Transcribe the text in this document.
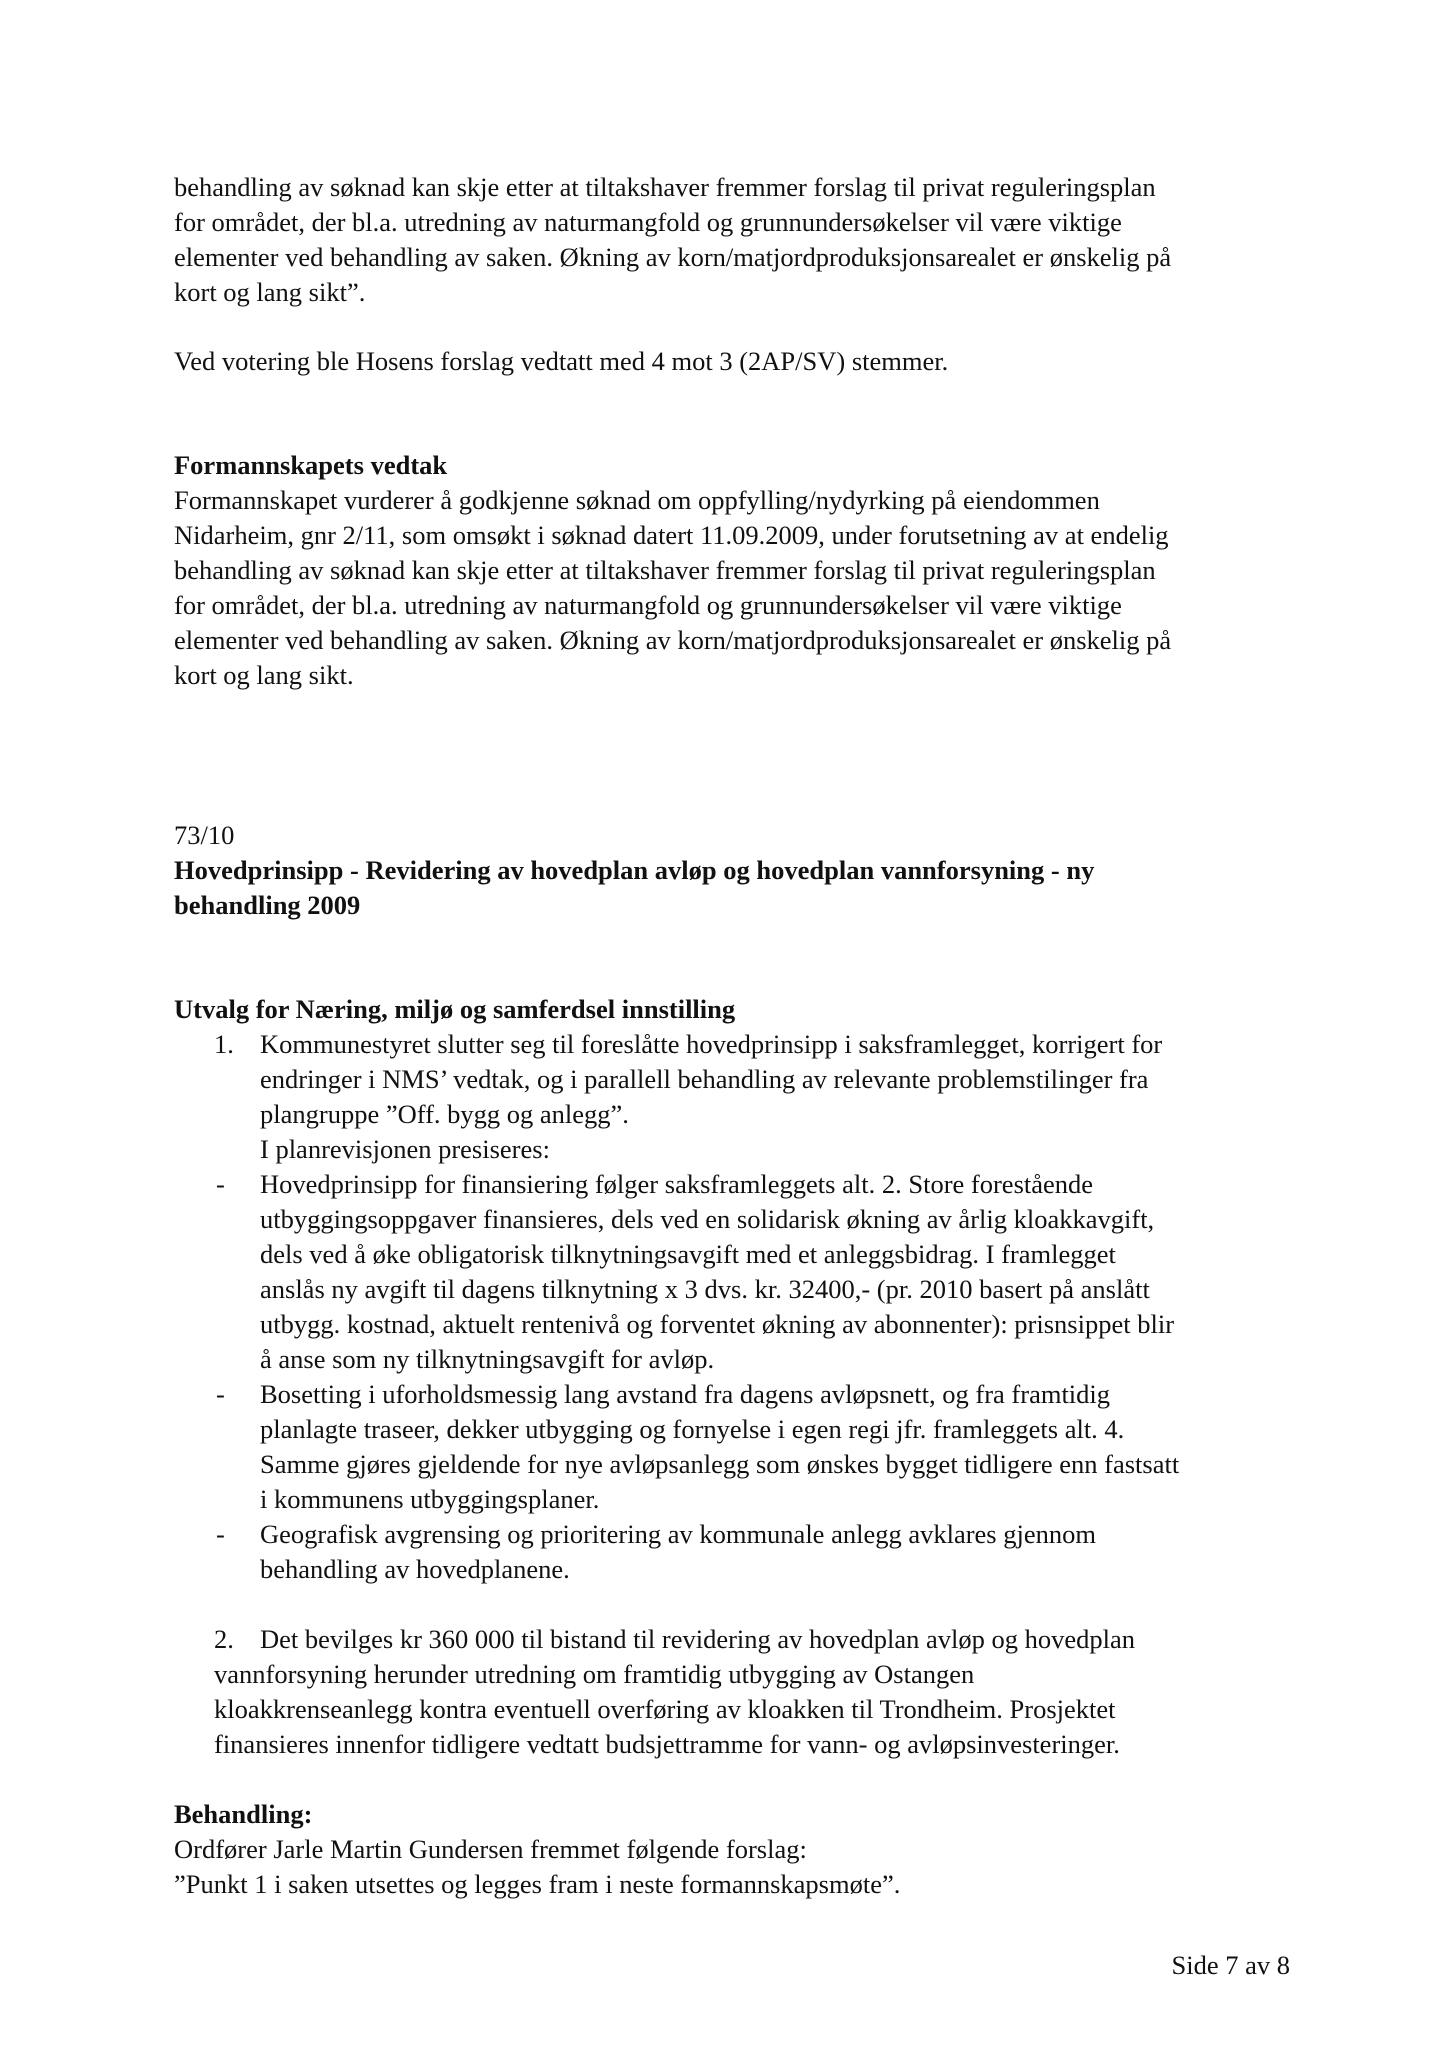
behandling av søknad kan skje etter at tiltakshaver fremmer forslag til privat reguleringsplan
for området, der bl.a. utredning av naturmangfold og grunnundersøkelser vil være viktige
elementer ved behandling av saken. Økning av korn/matjordproduksjonsarealet er ønskelig på
kort og lang sikt”.
Ved votering ble Hosens forslag vedtatt med 4 mot 3 (2AP/SV) stemmer.
Formannskapets vedtak
Formannskapet vurderer å godkjenne søknad om oppfylling/nydyrking på eiendommen
Nidarheim, gnr 2/11, som omsøkt i søknad datert 11.09.2009, under forutsetning av at endelig
behandling av søknad kan skje etter at tiltakshaver fremmer forslag til privat reguleringsplan
for området, der bl.a. utredning av naturmangfold og grunnundersøkelser vil være viktige
elementer ved behandling av saken. Økning av korn/matjordproduksjonsarealet er ønskelig på
kort og lang sikt.
73/10
Hovedprinsipp - Revidering av hovedplan avløp og hovedplan vannforsyning - ny
behandling 2009
Utvalg for Næring, miljø og samferdsel innstilling
1. Kommunestyret slutter seg til foreslåtte hovedprinsipp i saksframlegget, korrigert for
endringer i NMS’ vedtak, og i parallell behandling av relevante problemstilinger fra
plangruppe ”Off. bygg og anlegg”.
I planrevisjonen presiseres:
- Hovedprinsipp for finansiering følger saksframleggets alt. 2. Store forestående
utbyggingsoppgaver finansieres, dels ved en solidarisk økning av årlig kloakkavgift,
dels ved å øke obligatorisk tilknytningsavgift med et anleggsbidrag. I framlegget
anslås ny avgift til dagens tilknytning x 3 dvs. kr. 32400,- (pr. 2010 basert på anslått
utbygg. kostnad, aktuelt rentenivå og forventet økning av abonnenter): prisnsippet blir
å anse som ny tilknytningsavgift for avløp.
- Bosetting i uforholdsmessig lang avstand fra dagens avløpsnett, og fra framtidig
planlagte traseer, dekker utbygging og fornyelse i egen regi jfr. framleggets alt. 4.
Samme gjøres gjeldende for nye avløpsanlegg som ønskes bygget tidligere enn fastsatt
i kommunens utbyggingsplaner.
- Geografisk avgrensing og prioritering av kommunale anlegg avklares gjennom
behandling av hovedplanene.
2. Det bevilges kr 360 000 til bistand til revidering av hovedplan avløp og hovedplan
vannforsyning herunder utredning om framtidig utbygging av Ostangen
kloakkrenseanlegg kontra eventuell overføring av kloakken til Trondheim. Prosjektet
finansieres innenfor tidligere vedtatt budsjettramme for vann- og avløpsinvesteringer.
Behandling:
Ordfører Jarle Martin Gundersen fremmet følgende forslag:
”Punkt 1 i saken utsettes og legges fram i neste formannskapsmøte”.
Side 7 av 8
